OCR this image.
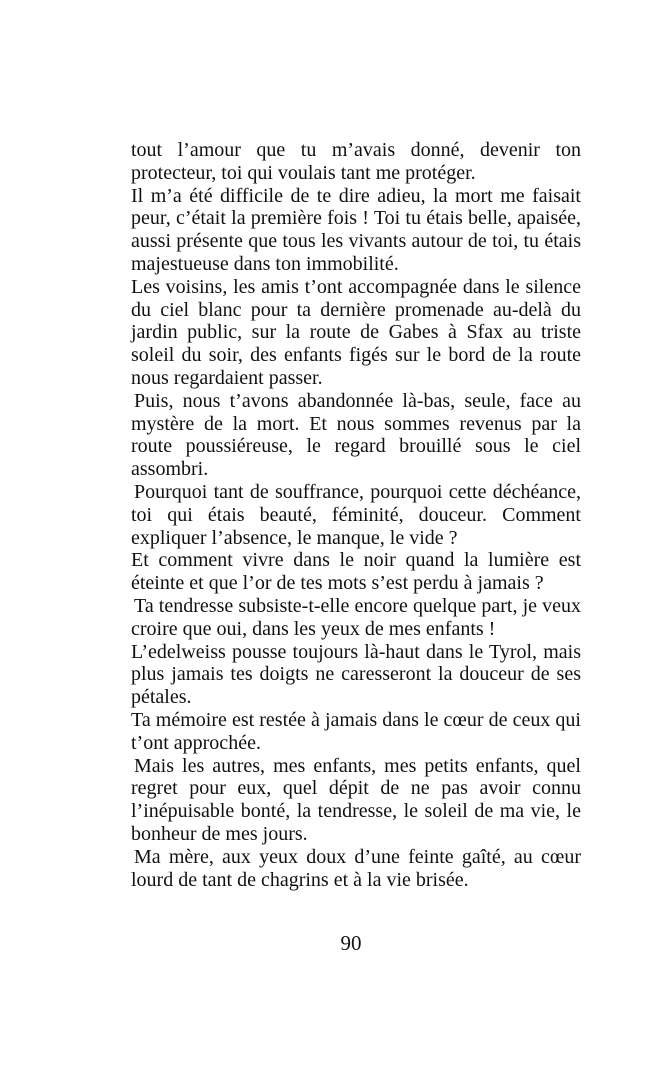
tout l’amour que tu m’avais donné, devenir ton protecteur, toi qui voulais tant me protéger.

Il m’a été difficile de te dire adieu, la mort me faisait peur, c’était la première fois ! Toi tu étais belle, apaisée, aussi présente que tous les vivants autour de toi, tu étais majestueuse dans ton immobilité.

Les voisins, les amis t’ont accompagnée dans le silence du ciel blanc pour ta dernière promenade au-delà du jardin public, sur la route de Gabes à Sfax au triste soleil du soir, des enfants figés sur le bord de la route nous regardaient passer.

Puis, nous t’avons abandonnée là-bas, seule, face au mystère de la mort. Et nous sommes revenus par la route poussiéreuse, le regard brouillé sous le ciel assombri.

Pourquoi tant de souffrance, pourquoi cette déchéance, toi qui étais beauté, féminité, douceur. Comment expliquer l’absence, le manque, le vide ?

Et comment vivre dans le noir quand la lumière est éteinte et que l’or de tes mots s’est perdu à jamais ?

Ta tendresse subsiste-t-elle encore quelque part, je veux croire que oui, dans les yeux de mes enfants !

L’edelweiss pousse toujours là-haut dans le Tyrol, mais plus jamais tes doigts ne caresseront la douceur de ses pétales.

Ta mémoire est restée à jamais dans le cœur de ceux qui t’ont approchée.

Mais les autres, mes enfants, mes petits enfants, quel regret pour eux, quel dépit de ne pas avoir connu l’inépuisable bonté, la tendresse, le soleil de ma vie, le bonheur de mes jours.

Ma mère, aux yeux doux d’une feinte gaîté, au cœur lourd de tant de chagrins et à la vie brisée.

90
